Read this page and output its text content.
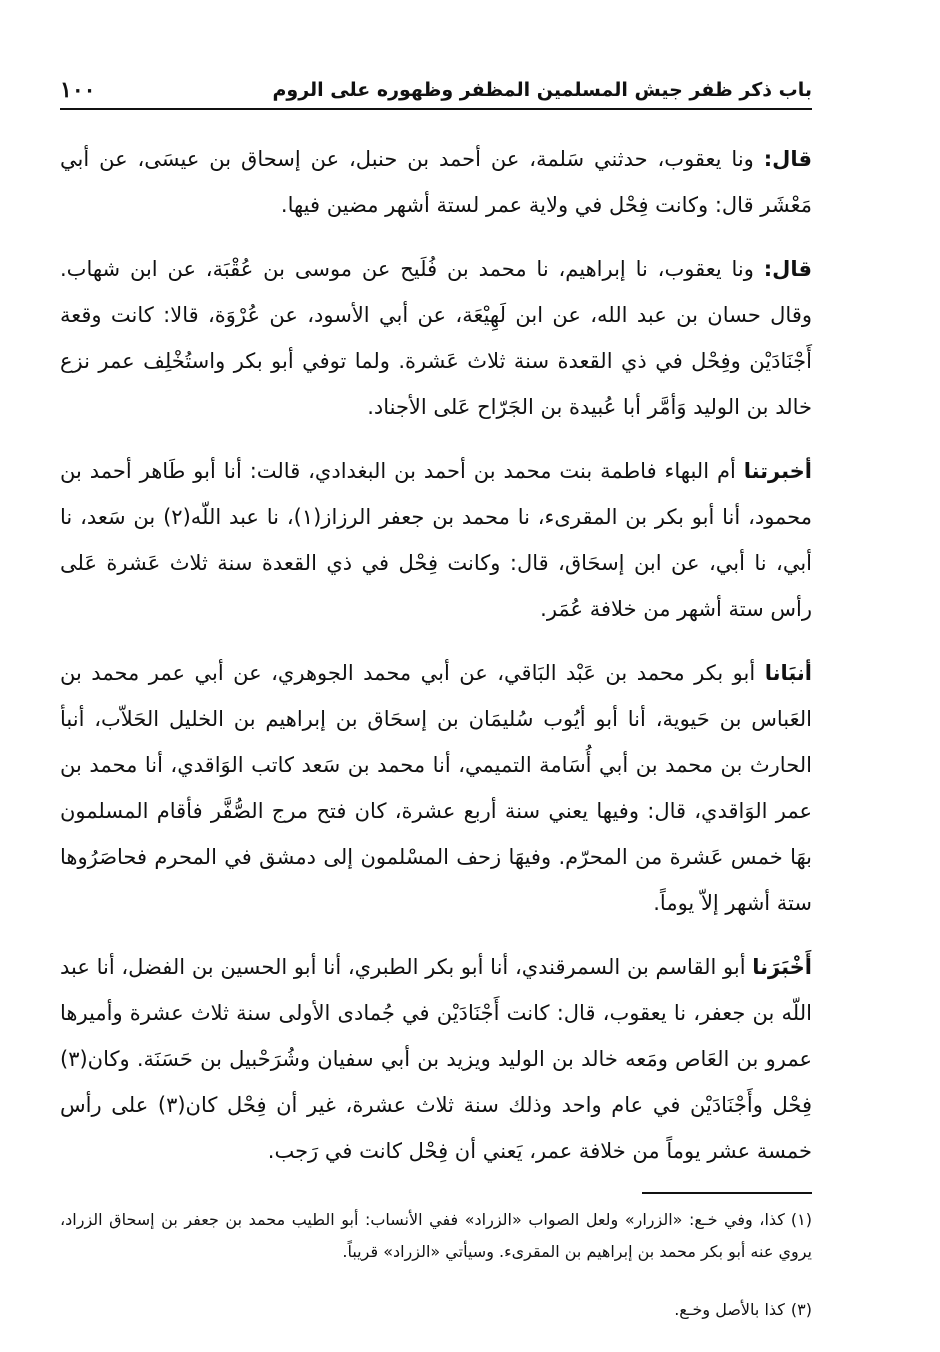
باب ذكر ظفر جيش المسلمين المظفر وظهوره على الروم
١٠٠

قال: ونا يعقوب، حدثني سَلمة، عن أحمد بن حنبل، عن إسحاق بن عيسَى، عن أبي مَعْشَر قال: وكانت فِحْل في ولاية عمر لستة أشهر مضين فيها.

قال: ونا يعقوب، نا إبراهيم، نا محمد بن فُلَيح عن موسى بن عُقْبَة، عن ابن شهاب. وقال حسان بن عبد الله، عن ابن لَهِيْعَة، عن أبي الأسود، عن عُرْوَة، قالا: كانت وقعة أَجْنَادَيْن وفِحْل في ذي القعدة سنة ثلاث عَشرة. ولما توفي أبو بكر واستُخْلِف عمر نزع خالد بن الوليد وَأمَّر أبا عُبيدة بن الجَرّاح عَلى الأجناد.

أخبرتنا أم البهاء فاطمة بنت محمد بن أحمد بن البغدادي، قالت: أنا أبو طَاهر أحمد بن محمود، أنا أبو بكر بن المقرىء، نا محمد بن جعفر الرزاز(١)، نا عبد اللّه(٢) بن سَعد، نا أبي، نا أبي، عن ابن إسحَاق، قال: وكانت فِحْل في ذي القعدة سنة ثلاث عَشرة عَلى رأس ستة أشهر من خلافة عُمَر.

أنبَانا أبو بكر محمد بن عَبْد البَاقي، عن أبي محمد الجوهري، عن أبي عمر محمد بن العَباس بن حَيوية، أنا أبو أيُوب سُليمَان بن إسحَاق بن إبراهيم بن الخليل الحَلاّب، أنبأ الحارث بن محمد بن أبي أُسَامة التميمي، أنا محمد بن سَعد كاتب الوَاقدي، أنا محمد بن عمر الوَاقدي، قال: وفيها يعني سنة أربع عشرة، كان فتح مرج الصُّفَّر فأقام المسلمون بهَا خمس عَشرة من المحرّم. وفيهَا زحف المسْلمون إلى دمشق في المحرم فحاصَرُوها ستة أشهر إلاّ يوماً.

أَخْبَرَنا أبو القاسم بن السمرقندي، أنا أبو بكر الطبري، أنا أبو الحسين بن الفضل، أنا عبد اللّه بن جعفر، نا يعقوب، قال: كانت أَجْنَادَيْن في جُمادى الأولى سنة ثلاث عشرة وأميرها عمرو بن العَاص ومَعه خالد بن الوليد ويزيد بن أبي سفيان وشُرَحْبيل بن حَسَنَة. وكان(٣) فِحْل وأَجْنَادَيْن في عام واحد وذلك سنة ثلاث عشرة، غير أن فِحْل كان(٣) على رأس خمسة عشر يوماً من خلافة عمر، يَعني أن فِحْل كانت في رَجب.

(١)كذا، وفي خـع: «الزرار» ولعل الصواب «الزراد» ففي الأنساب: أبو الطيب محمد بن جعفر بن إسحاق الزراد، يروي عنه أبو بكر محمد بن إبراهيم بن المقرىء. وسيأتي «الزراد» قريباً.

(٣)كذا بالأصل وخـع.
